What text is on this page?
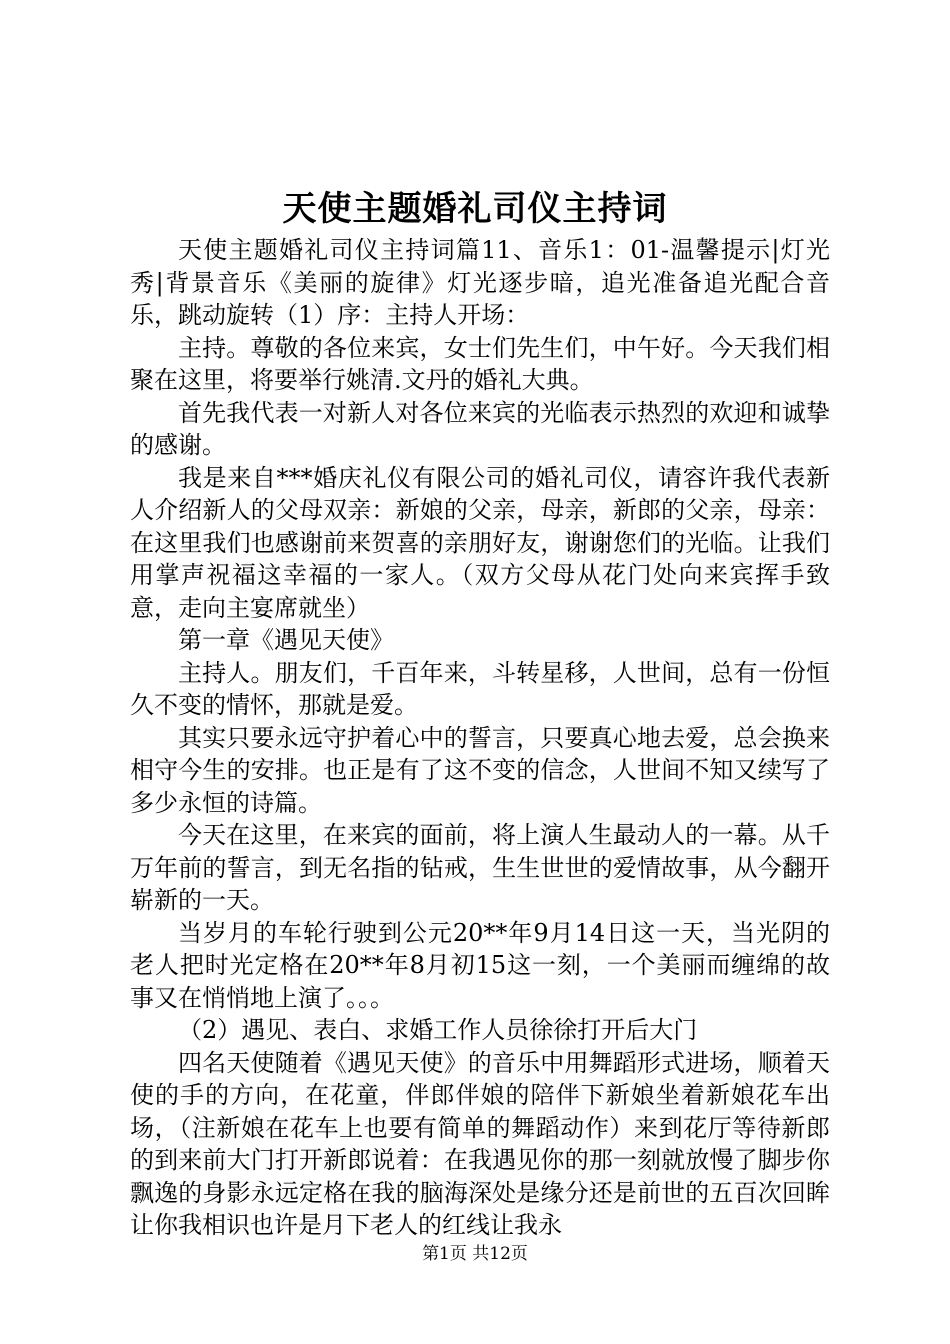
天使主题婚礼司仪主持词

天使主题婚礼司仪主持词篇11、音乐1：01-温馨提示|灯光秀|背景音乐《美丽的旋律》灯光逐步暗，追光准备追光配合音乐，跳动旋转（1）序：主持人开场：

主持。尊敬的各位来宾，女士们先生们，中午好。今天我们相聚在这里，将要举行姚清.文丹的婚礼大典。

首先我代表一对新人对各位来宾的光临表示热烈的欢迎和诚挚的感谢。

我是来自***婚庆礼仪有限公司的婚礼司仪，请容许我代表新人介绍新人的父母双亲：新娘的父亲，母亲，新郎的父亲，母亲：在这里我们也感谢前来贺喜的亲朋好友，谢谢您们的光临。让我们用掌声祝福这幸福的一家人。（双方父母从花门处向来宾挥手致意，走向主宴席就坐）

第一章《遇见天使》

主持人。朋友们，千百年来，斗转星移，人世间，总有一份恒久不变的情怀，那就是爱。

其实只要永远守护着心中的誓言，只要真心地去爱，总会换来相守今生的安排。也正是有了这不变的信念，人世间不知又续写了多少永恒的诗篇。

今天在这里，在来宾的面前，将上演人生最动人的一幕。从千万年前的誓言，到无名指的钻戒，生生世世的爱情故事，从今翻开崭新的一天。

当岁月的车轮行驶到公元20**年9月14日这一天，当光阴的老人把时光定格在20**年8月初15这一刻，一个美丽而缠绵的故事又在悄悄地上演了。。。

（2）遇见、表白、求婚工作人员徐徐打开后大门

四名天使随着《遇见天使》的音乐中用舞蹈形式进场，顺着天使的手的方向，在花童，伴郎伴娘的陪伴下新娘坐着新娘花车出场，（注新娘在花车上也要有简单的舞蹈动作）来到花厅等待新郎的到来前大门打开新郎说着：在我遇见你的那一刻就放慢了脚步你飘逸的身影永远定格在我的脑海深处是缘分还是前世的五百次回眸让你我相识也许是月下老人的红线让我永

第1页 共12页
